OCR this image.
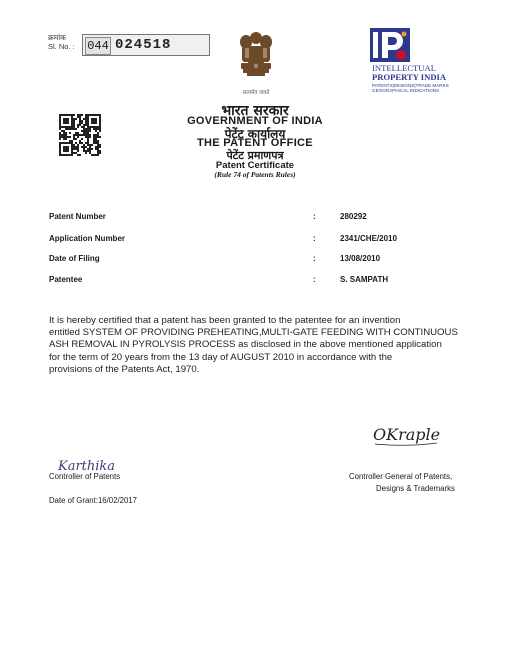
क्रमांक
Sl. No. :	044 024518
सत्यमेव जयते
INTELLECTUAL
PROPERTY INDIA
PATENTS|DESIGNS|TRADE MARKS
GEOGRAPHICAL INDICATIONS
भारत सरकार
GOVERNMENT OF INDIA
पेटेंट कार्यालय
THE PATENT OFFICE
पेटेंट प्रमाणपत्र
Patent Certificate
(Rule 74 of Patents Rules)
Patent Number	:	280292
Application Number	:	2341/CHE/2010
Date of Filing	:	13/08/2010
Patentee	:	S. SAMPATH
It is hereby certified that a patent has been granted to the patentee for an invention
entitled SYSTEM OF PROVIDING PREHEATING,MULTI-GATE FEEDING WITH CONTINUOUS
ASH REMOVAL IN PYROLYSIS PROCESS as disclosed in the above mentioned application
for the term of 20 years from the 13 day of AUGUST 2010 in accordance with the
provisions of the Patents Act, 1970.
Karthika
Controller of Patents
OKraple
Controller General of Patents,
Designs & Trademarks
Date of Grant:16/02/2017
